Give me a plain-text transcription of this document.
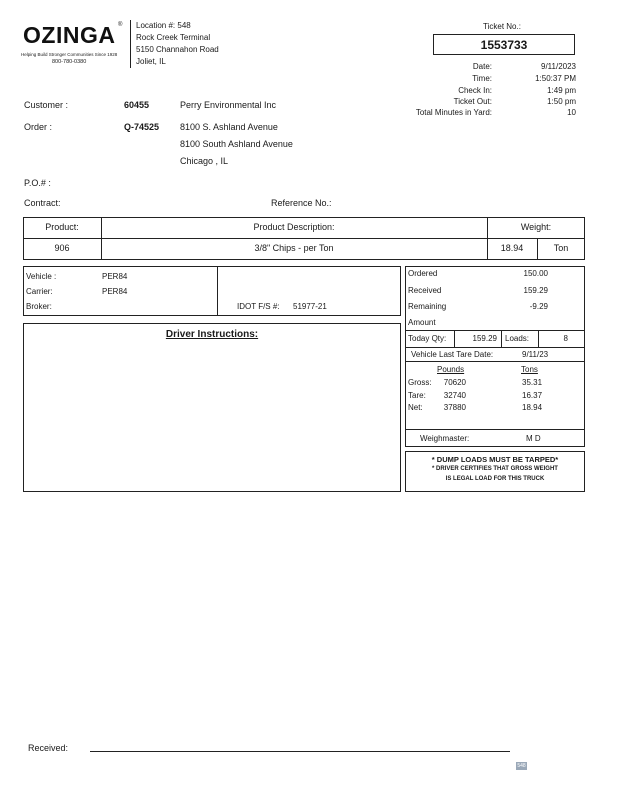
OZINGA ®
Helping Build Stronger Communities Since 1928
800-780-0380
Location #: 548
Rock Creek Terminal
5150 Channahon Road
Joliet, IL
Ticket No.:
1553733
Date:	9/11/2023
Time:	1:50:37 PM
Check In:	1:49 pm
Ticket Out:	1:50 pm
Total Minutes in Yard:	10
Customer :	60455	Perry Environmental Inc
Order :	Q-74525 8100 S. Ashland Avenue
8100 South Ashland Avenue
Chicago , IL
P.O.# :
Contract:	Reference No.:
Product:	Product Description:	Weight:
906	3/8" Chips - per Ton	18.94	Ton
Vehicle :	PER84
Carrier:	PER84
Broker:	IDOT F/S #: 51977-21
Driver Instructions:
Ordered	150.00
Received	159.29
Remaining	-9.29
Amount
Today Qty:	159.29 Loads:	8
Vehicle Last Tare Date:	9/11/23
Pounds	Tons
Gross:	70620	35.31
Tare:	32740	16.37
Net:	37880	18.94
Weighmaster:	M D
* DUMP LOADS MUST BE TARPED*
* DRIVER CERTIFIES THAT GROSS WEIGHT
IS LEGAL LOAD FOR THIS TRUCK
Received:
548
